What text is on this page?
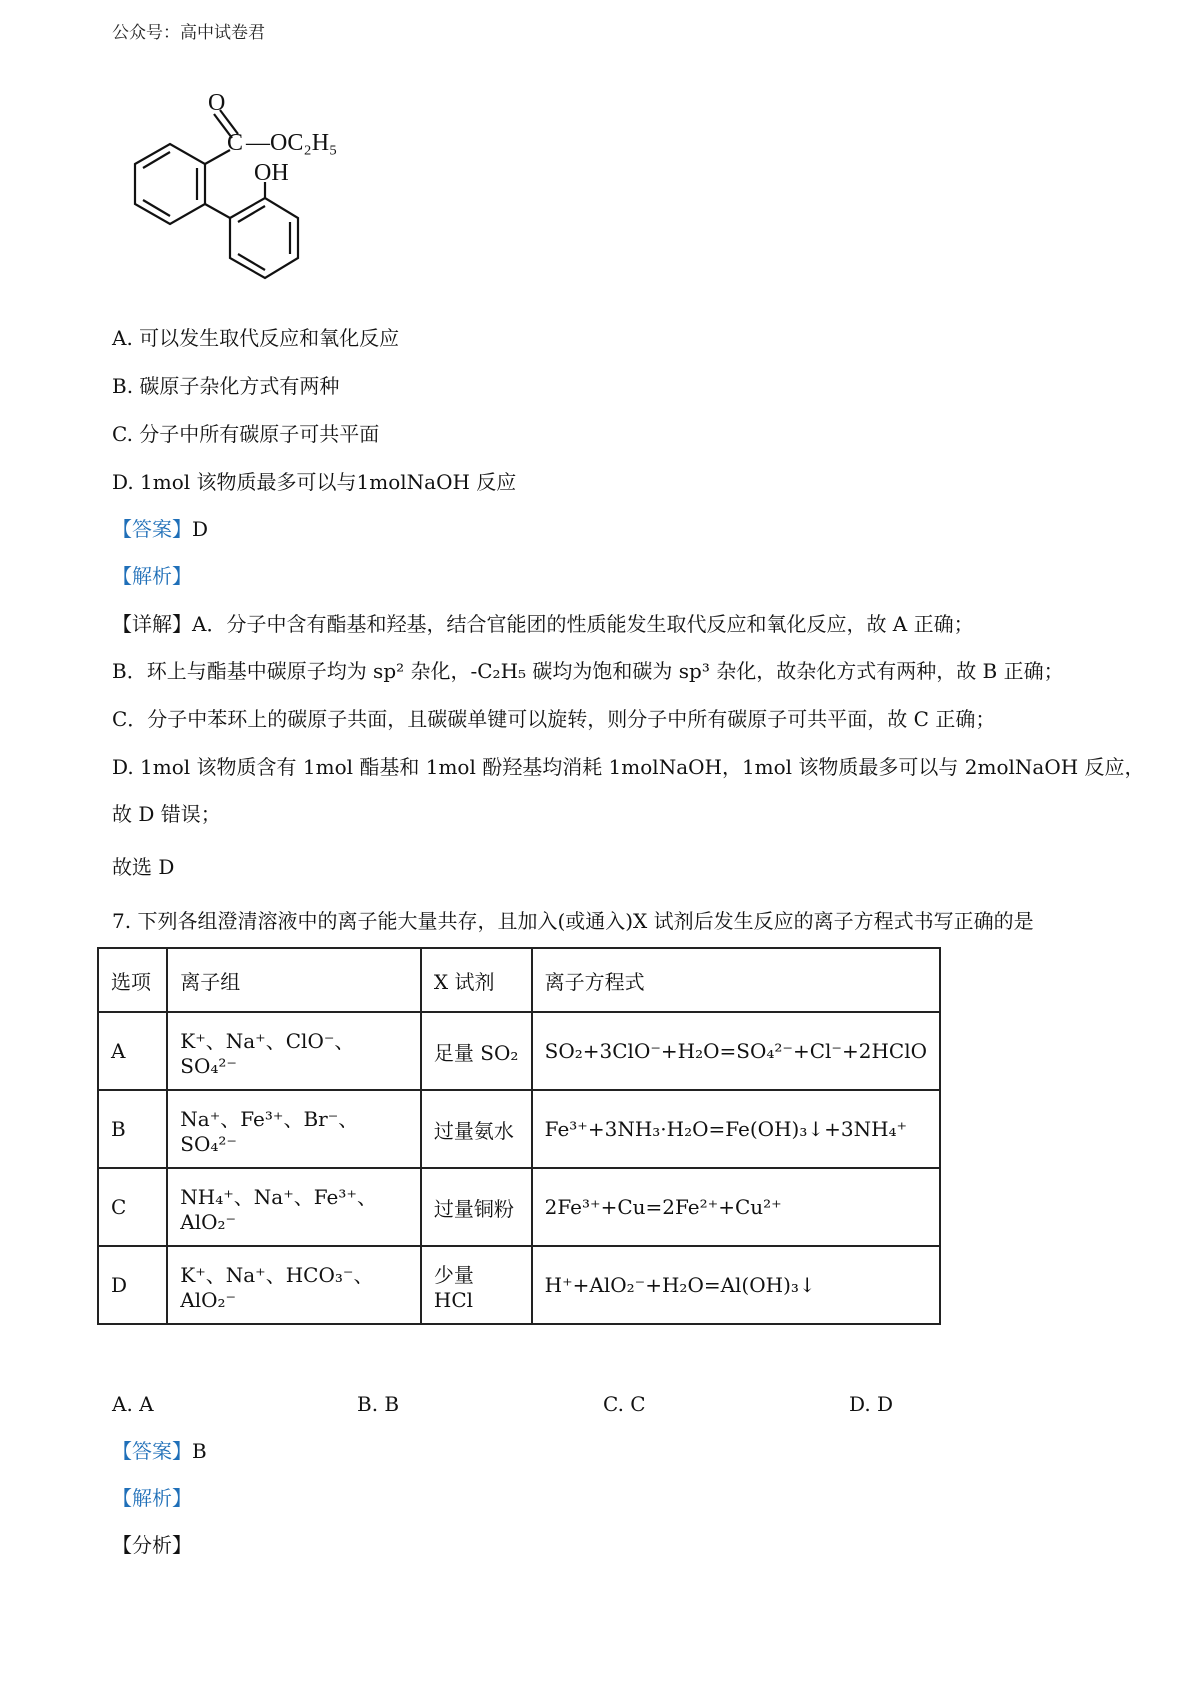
公众号：高中试卷君
O
C —OC₂H₅
OH
A. 可以发生取代反应和氧化反应
B. 碳原子杂化方式有两种
C. 分子中所有碳原子可共平面
D. 1mol 该物质最多可以与1molNaOH 反应
【答案】D
【解析】
【详解】A．分子中含有酯基和羟基，结合官能团的性质能发生取代反应和氧化反应，故 A 正确；
B．环上与酯基中碳原子均为 sp² 杂化，-C₂H₅ 碳均为饱和碳为 sp³ 杂化，故杂化方式有两种，故 B 正确；
C．分子中苯环上的碳原子共面，且碳碳单键可以旋转，则分子中所有碳原子可共平面，故 C 正确；
D. 1mol 该物质含有 1mol 酯基和 1mol 酚羟基均消耗 1molNaOH，1mol 该物质最多可以与 2molNaOH 反应，
故 D 错误；
故选 D
7. 下列各组澄清溶液中的离子能大量共存，且加入(或通入)X 试剂后发生反应的离子方程式书写正确的是
选项	离子组	X 试剂	离子方程式
A	K⁺、Na⁺、ClO⁻、SO₄²⁻	足量 SO₂	SO₂+3ClO⁻+H₂O=SO₄²⁻+Cl⁻+2HClO
B	Na⁺、Fe³⁺、Br⁻、SO₄²⁻	过量氨水	Fe³⁺+3NH₃·H₂O=Fe(OH)₃↓+3NH₄⁺
C	NH₄⁺、Na⁺、Fe³⁺、AlO₂⁻	过量铜粉	2Fe³⁺+Cu=2Fe²⁺+Cu²⁺
D	K⁺、Na⁺、HCO₃⁻、AlO₂⁻	少量 HCl	H⁺+AlO₂⁻+H₂O=Al(OH)₃↓
A. A	B. B	C. C	D. D
【答案】B
【解析】
【分析】
